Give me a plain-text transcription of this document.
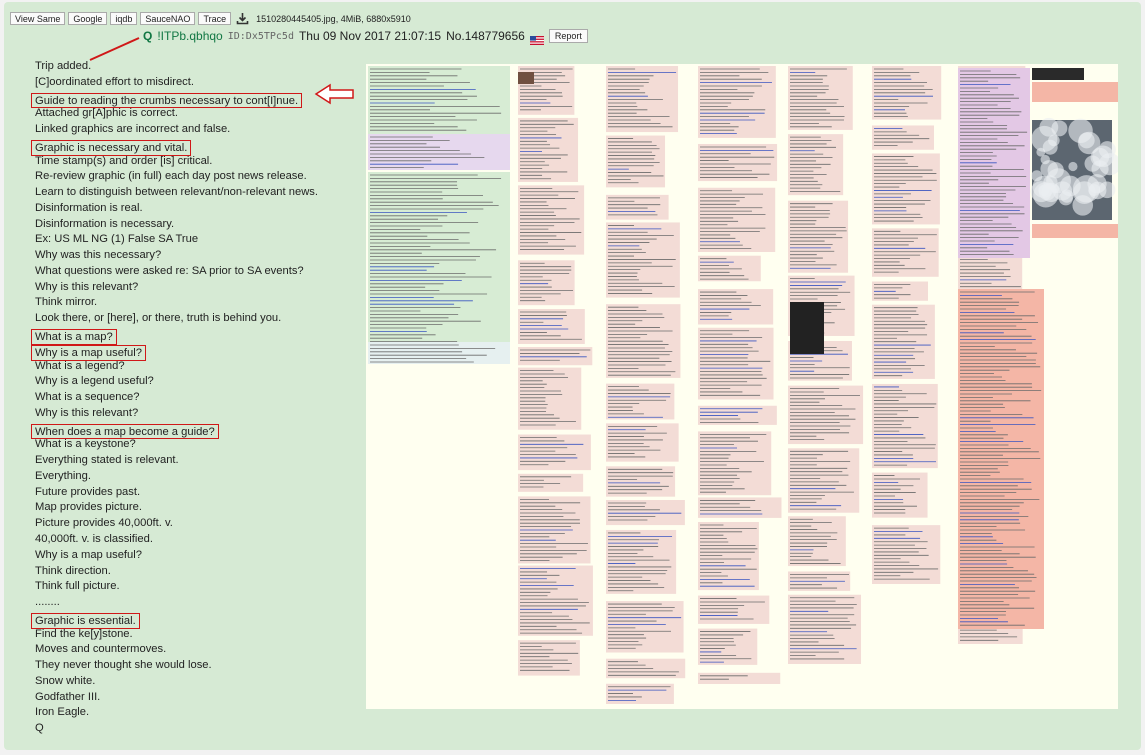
View Same	Google	iqdb	SauceNAO	Trace	1510280445405.jpg, 4MiB, 6880x5910
Q !ITPb.qbhqo ID:Dx5TPc5d Thu 09 Nov 2017 21:07:15 No.148779656	Report
Trip added.
[C]oordinated effort to misdirect.
Guide to reading the crumbs necessary to cont[I]nue.
Attached gr[A]phic is correct.
Linked graphics are incorrect and false.
Graphic is necessary and vital.
Time stamp(s) and order [is] critical.
Re-review graphic (in full) each day post news release.
Learn to distinguish between relevant/non-relevant news.
Disinformation is real.
Disinformation is necessary.
Ex: US ML NG (1) False SA True
Why was this necessary?
What questions were asked re: SA prior to SA events?
Why is this relevant?
Think mirror.
Look there, or [here], or there, truth is behind you.
What is a map?
Why is a map useful?
What is a legend?
Why is a legend useful?
What is a sequence?
Why is this relevant?
When does a map become a guide?
What is a keystone?
Everything stated is relevant.
Everything.
Future provides past.
Map provides picture.
Picture provides 40,000ft. v.
40,000ft. v. is classified.
Why is a map useful?
Think direction.
Think full picture.
........
Graphic is essential.
Find the ke[y]stone.
Moves and countermoves.
They never thought she would lose.
Snow white.
Godfather III.
Iron Eagle.
Q
